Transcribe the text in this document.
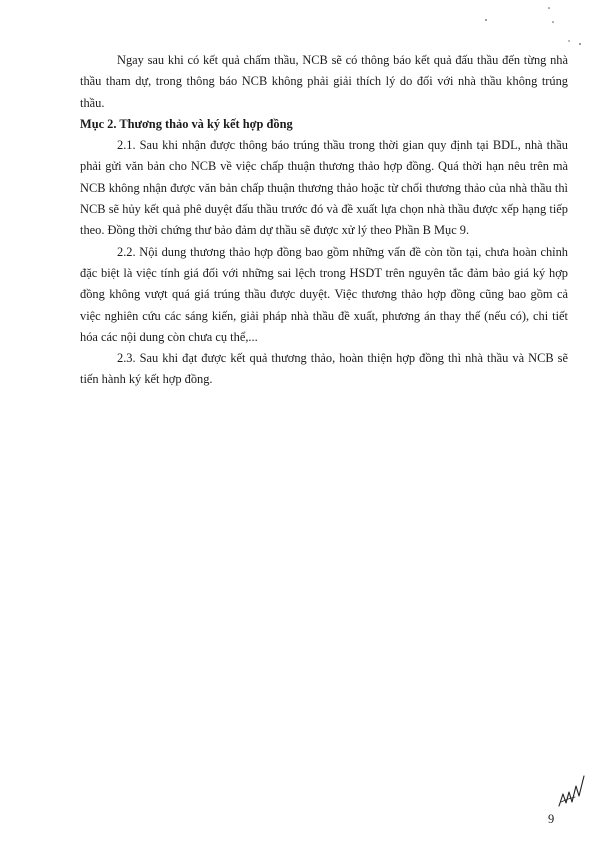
Ngay sau khi có kết quả chấm thầu, NCB sẽ có thông báo kết quả đấu thầu đến từng nhà thầu tham dự, trong thông báo NCB không phải giải thích lý do đối với nhà thầu không trúng thầu.

Mục 2. Thương thảo và ký kết hợp đồng

2.1. Sau khi nhận được thông báo trúng thầu trong thời gian quy định tại BDL, nhà thầu phải gửi văn bản cho NCB về việc chấp thuận thương thảo hợp đồng. Quá thời hạn nêu trên mà NCB không nhận được văn bản chấp thuận thương thảo hoặc từ chối thương thảo của nhà thầu thì NCB sẽ hủy kết quả phê duyệt đấu thầu trước đó và đề xuất lựa chọn nhà thầu được xếp hạng tiếp theo. Đồng thời chứng thư bảo đảm dự thầu sẽ được xử lý theo Phần B Mục 9.

2.2. Nội dung thương thảo hợp đồng bao gồm những vấn đề còn tồn tại, chưa hoàn chỉnh đặc biệt là việc tính giá đối với những sai lệch trong HSDT trên nguyên tắc đảm bảo giá ký hợp đồng không vượt quá giá trúng thầu được duyệt. Việc thương thảo hợp đồng cũng bao gồm cả việc nghiên cứu các sáng kiến, giải pháp nhà thầu đề xuất, phương án thay thế (nếu có), chi tiết hóa các nội dung còn chưa cụ thể,...

2.3. Sau khi đạt được kết quả thương thảo, hoàn thiện hợp đồng thì nhà thầu và NCB sẽ tiến hành ký kết hợp đồng.

9
